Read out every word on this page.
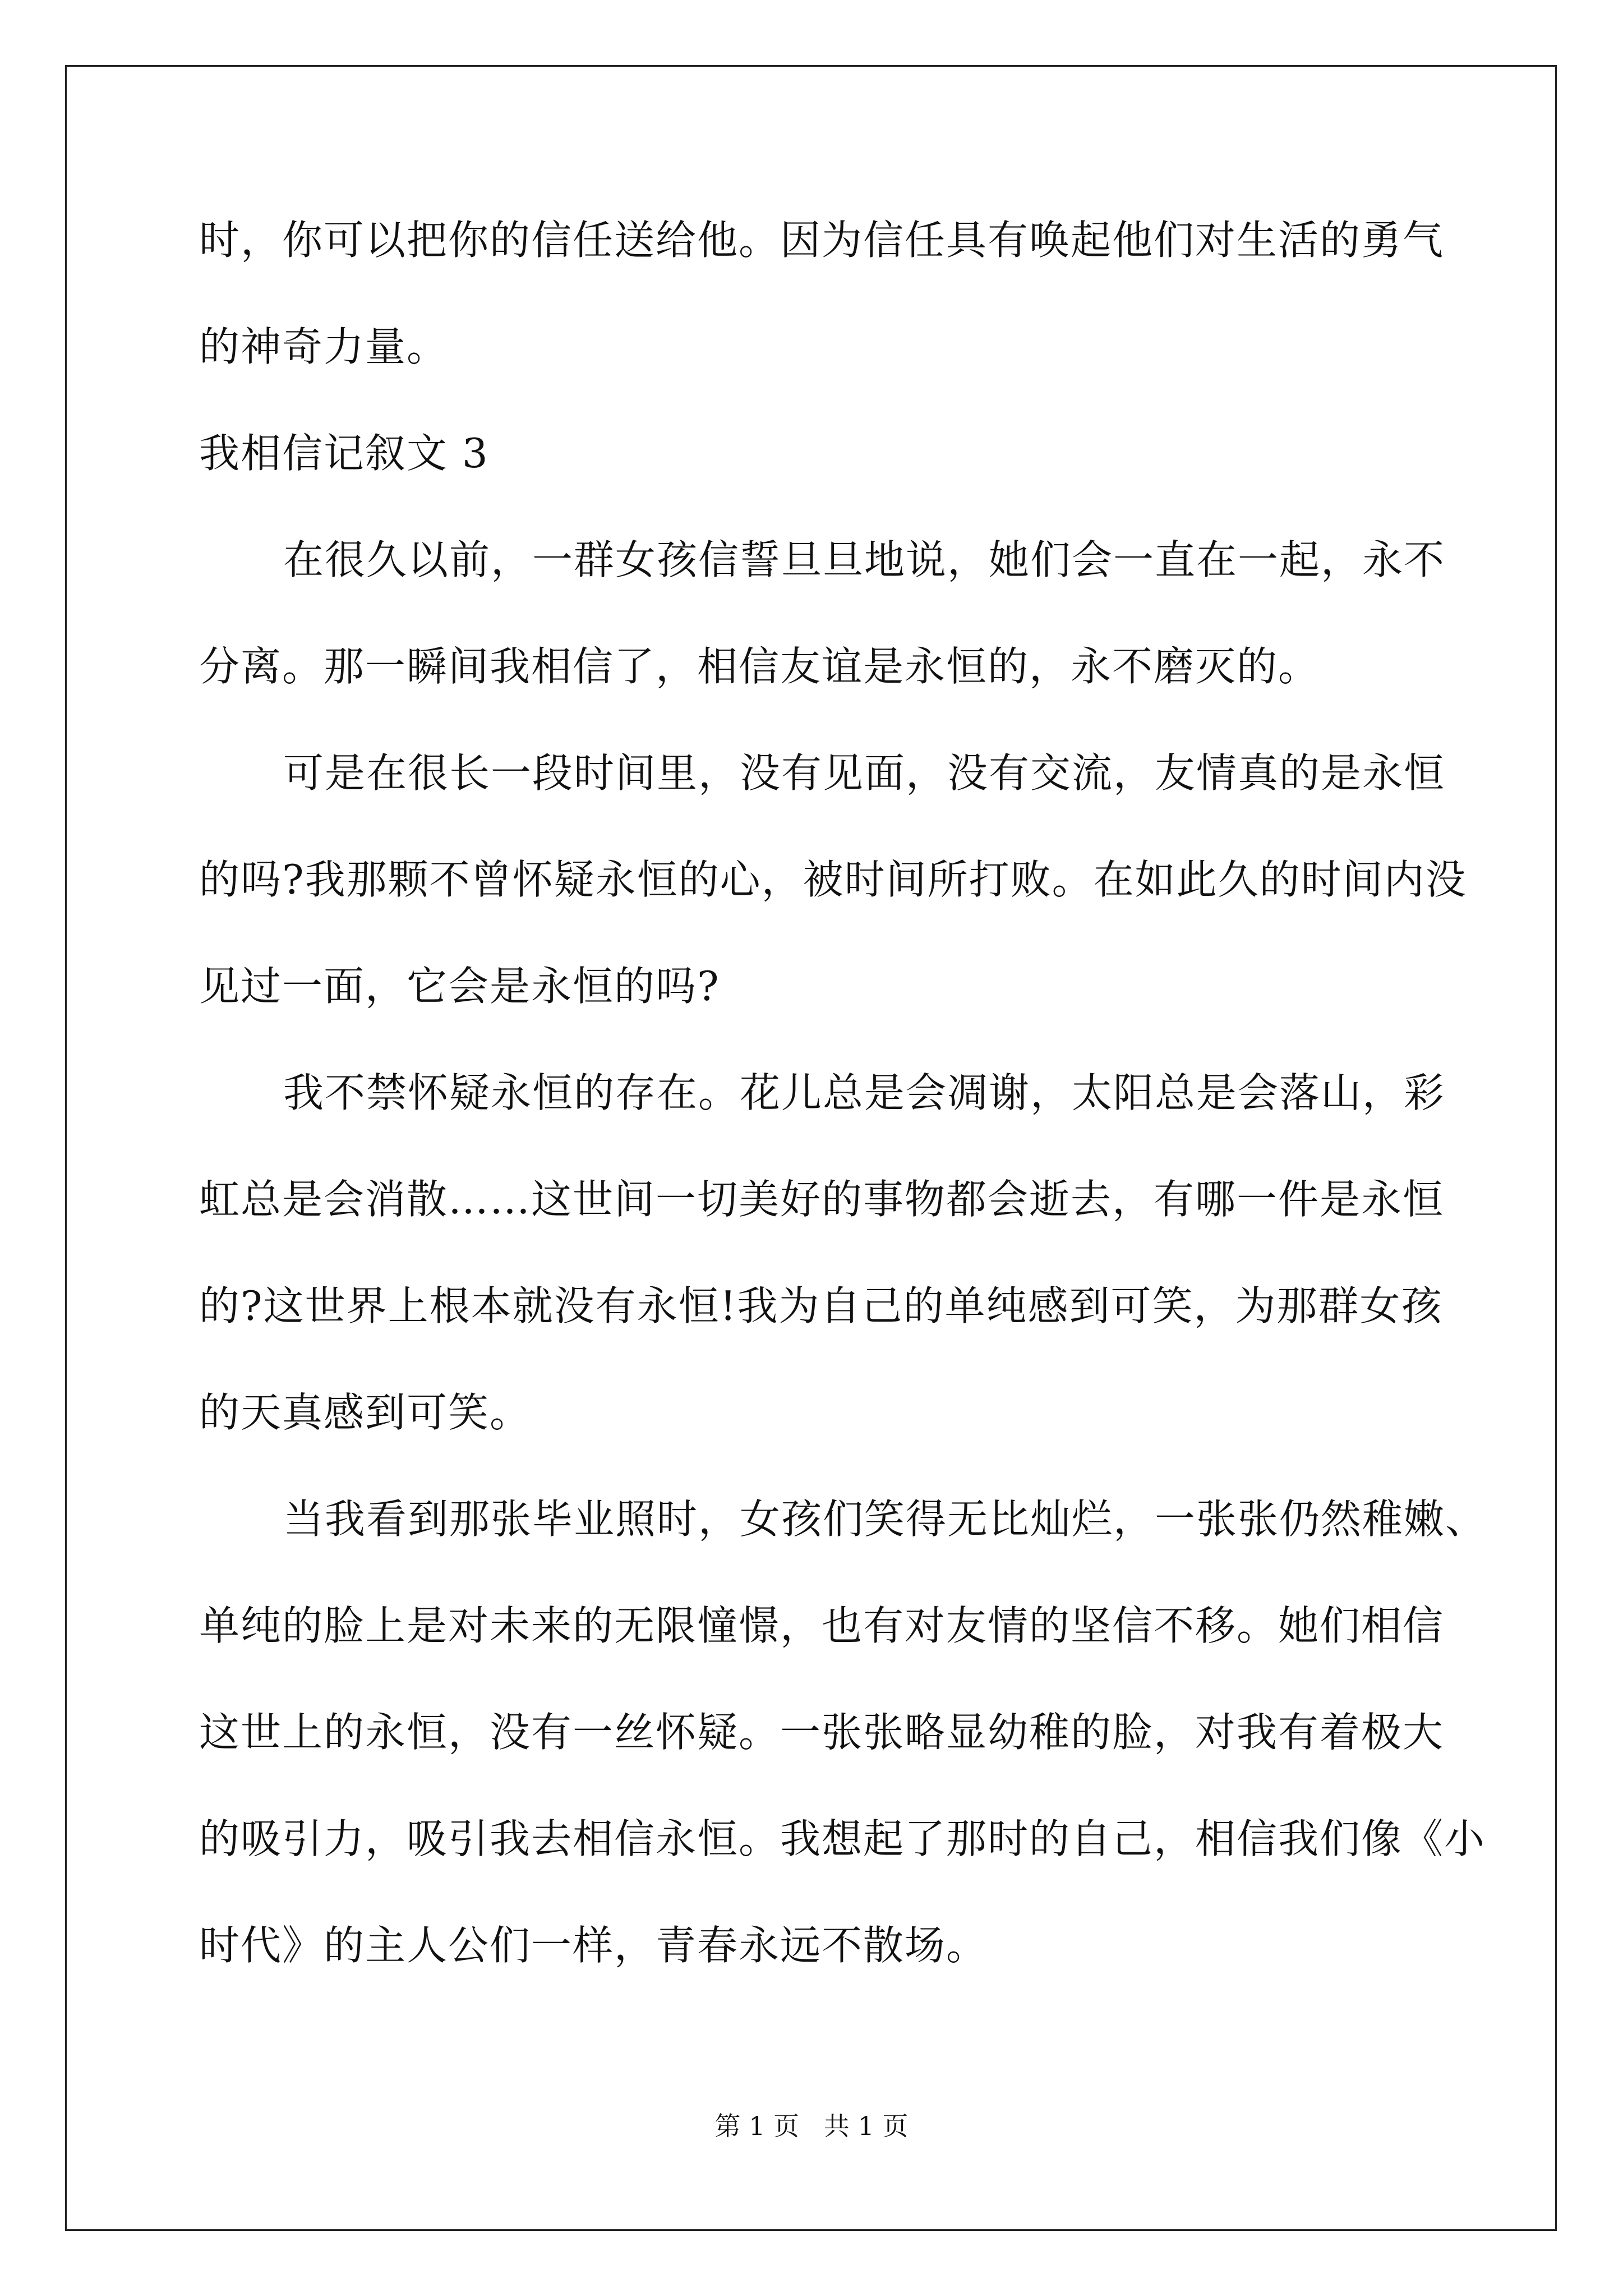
时，你可以把你的信任送给他。因为信任具有唤起他们对生活的勇气
的神奇力量。
我相信记叙文 3
在很久以前，一群女孩信誓旦旦地说，她们会一直在一起，永不
分离。那一瞬间我相信了，相信友谊是永恒的，永不磨灭的。
可是在很长一段时间里，没有见面，没有交流，友情真的是永恒
的吗?我那颗不曾怀疑永恒的心，被时间所打败。在如此久的时间内没
见过一面，它会是永恒的吗?
我不禁怀疑永恒的存在。花儿总是会凋谢，太阳总是会落山，彩
虹总是会消散……这世间一切美好的事物都会逝去，有哪一件是永恒
的?这世界上根本就没有永恒!我为自己的单纯感到可笑，为那群女孩
的天真感到可笑。
当我看到那张毕业照时，女孩们笑得无比灿烂，一张张仍然稚嫩、
单纯的脸上是对未来的无限憧憬，也有对友情的坚信不移。她们相信
这世上的永恒，没有一丝怀疑。一张张略显幼稚的脸，对我有着极大
的吸引力，吸引我去相信永恒。我想起了那时的自己，相信我们像《小
时代》的主人公们一样，青春永远不散场。
第 1 页   共 1 页
